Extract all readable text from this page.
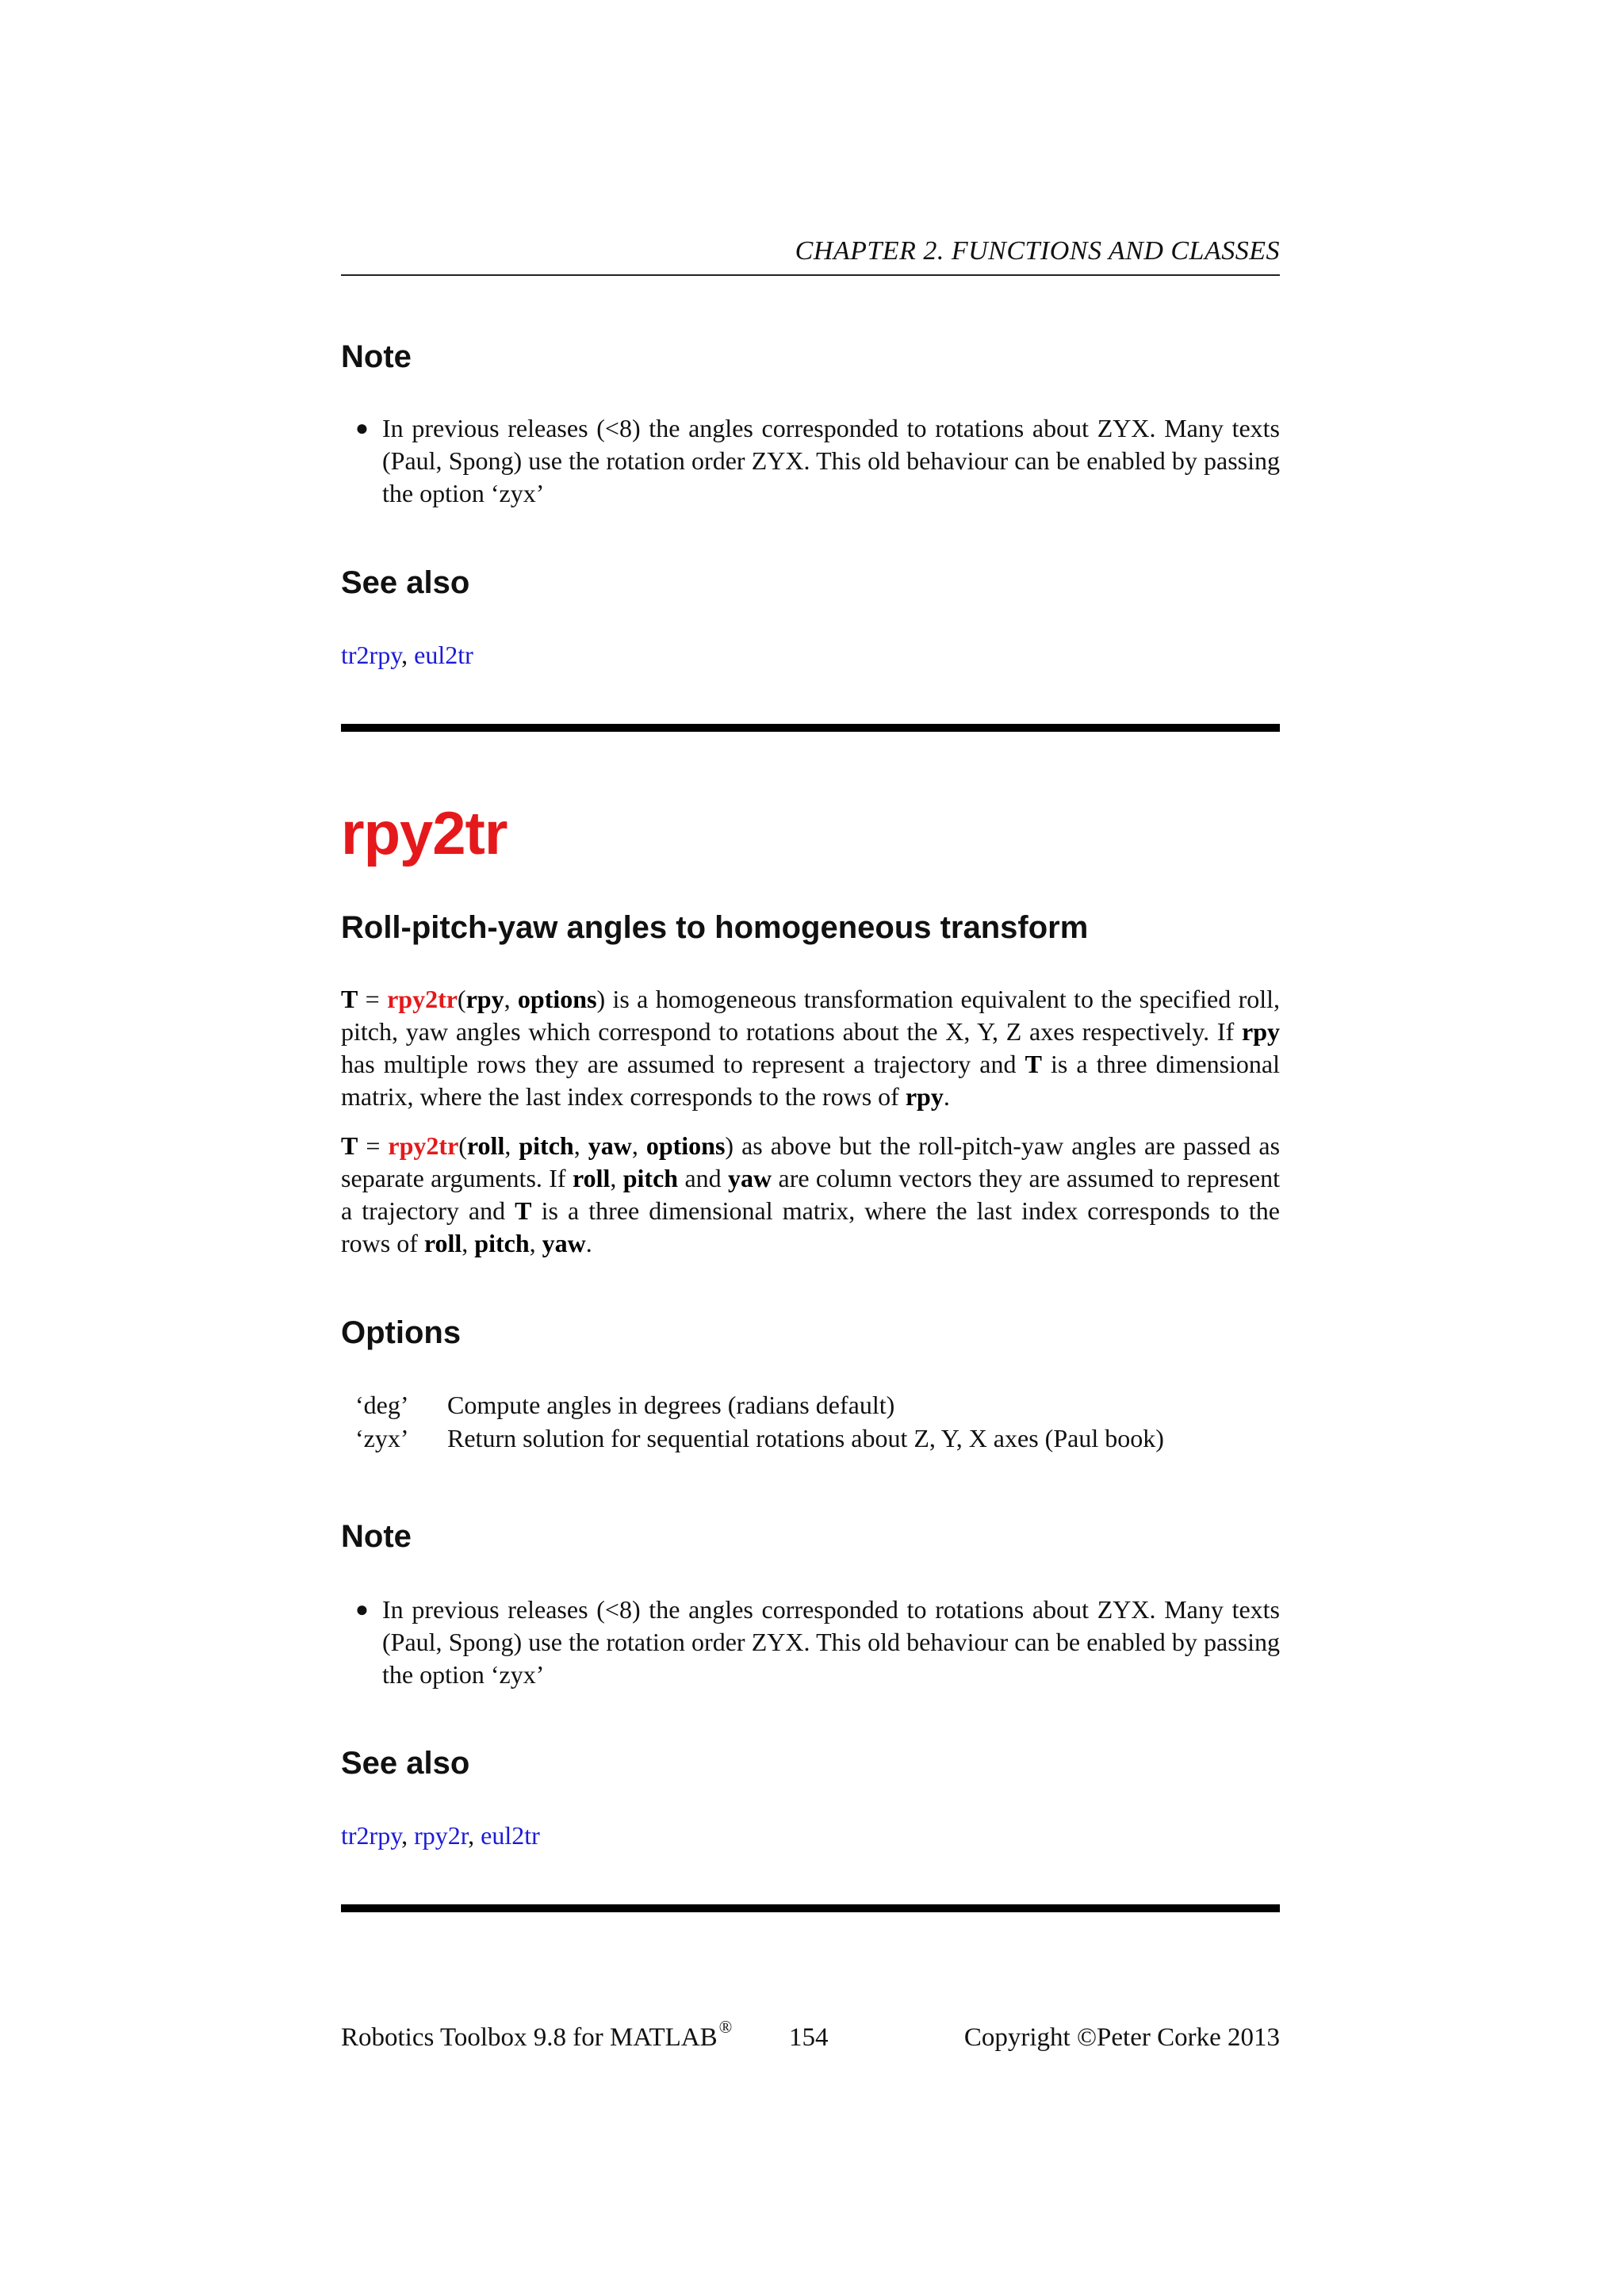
CHAPTER 2. FUNCTIONS AND CLASSES
Note
● In previous releases (<8) the angles corresponded to rotations about ZYX. Many texts (Paul, Spong) use the rotation order ZYX. This old behaviour can be enabled by passing the option ‘zyx’
See also
tr2rpy, eul2tr
rpy2tr
Roll-pitch-yaw angles to homogeneous transform
T = rpy2tr(rpy, options) is a homogeneous transformation equivalent to the specified roll, pitch, yaw angles which correspond to rotations about the X, Y, Z axes respectively. If rpy has multiple rows they are assumed to represent a trajectory and T is a three dimensional matrix, where the last index corresponds to the rows of rpy.
T = rpy2tr(roll, pitch, yaw, options) as above but the roll-pitch-yaw angles are passed as separate arguments. If roll, pitch and yaw are column vectors they are assumed to represent a trajectory and T is a three dimensional matrix, where the last index corresponds to the rows of roll, pitch, yaw.
Options
‘deg’	Compute angles in degrees (radians default)
‘zyx’	Return solution for sequential rotations about Z, Y, X axes (Paul book)
Note
● In previous releases (<8) the angles corresponded to rotations about ZYX. Many texts (Paul, Spong) use the rotation order ZYX. This old behaviour can be enabled by passing the option ‘zyx’
See also
tr2rpy, rpy2r, eul2tr
Robotics Toolbox 9.8 for MATLAB® 154	Copyright ©Peter Corke 2013
